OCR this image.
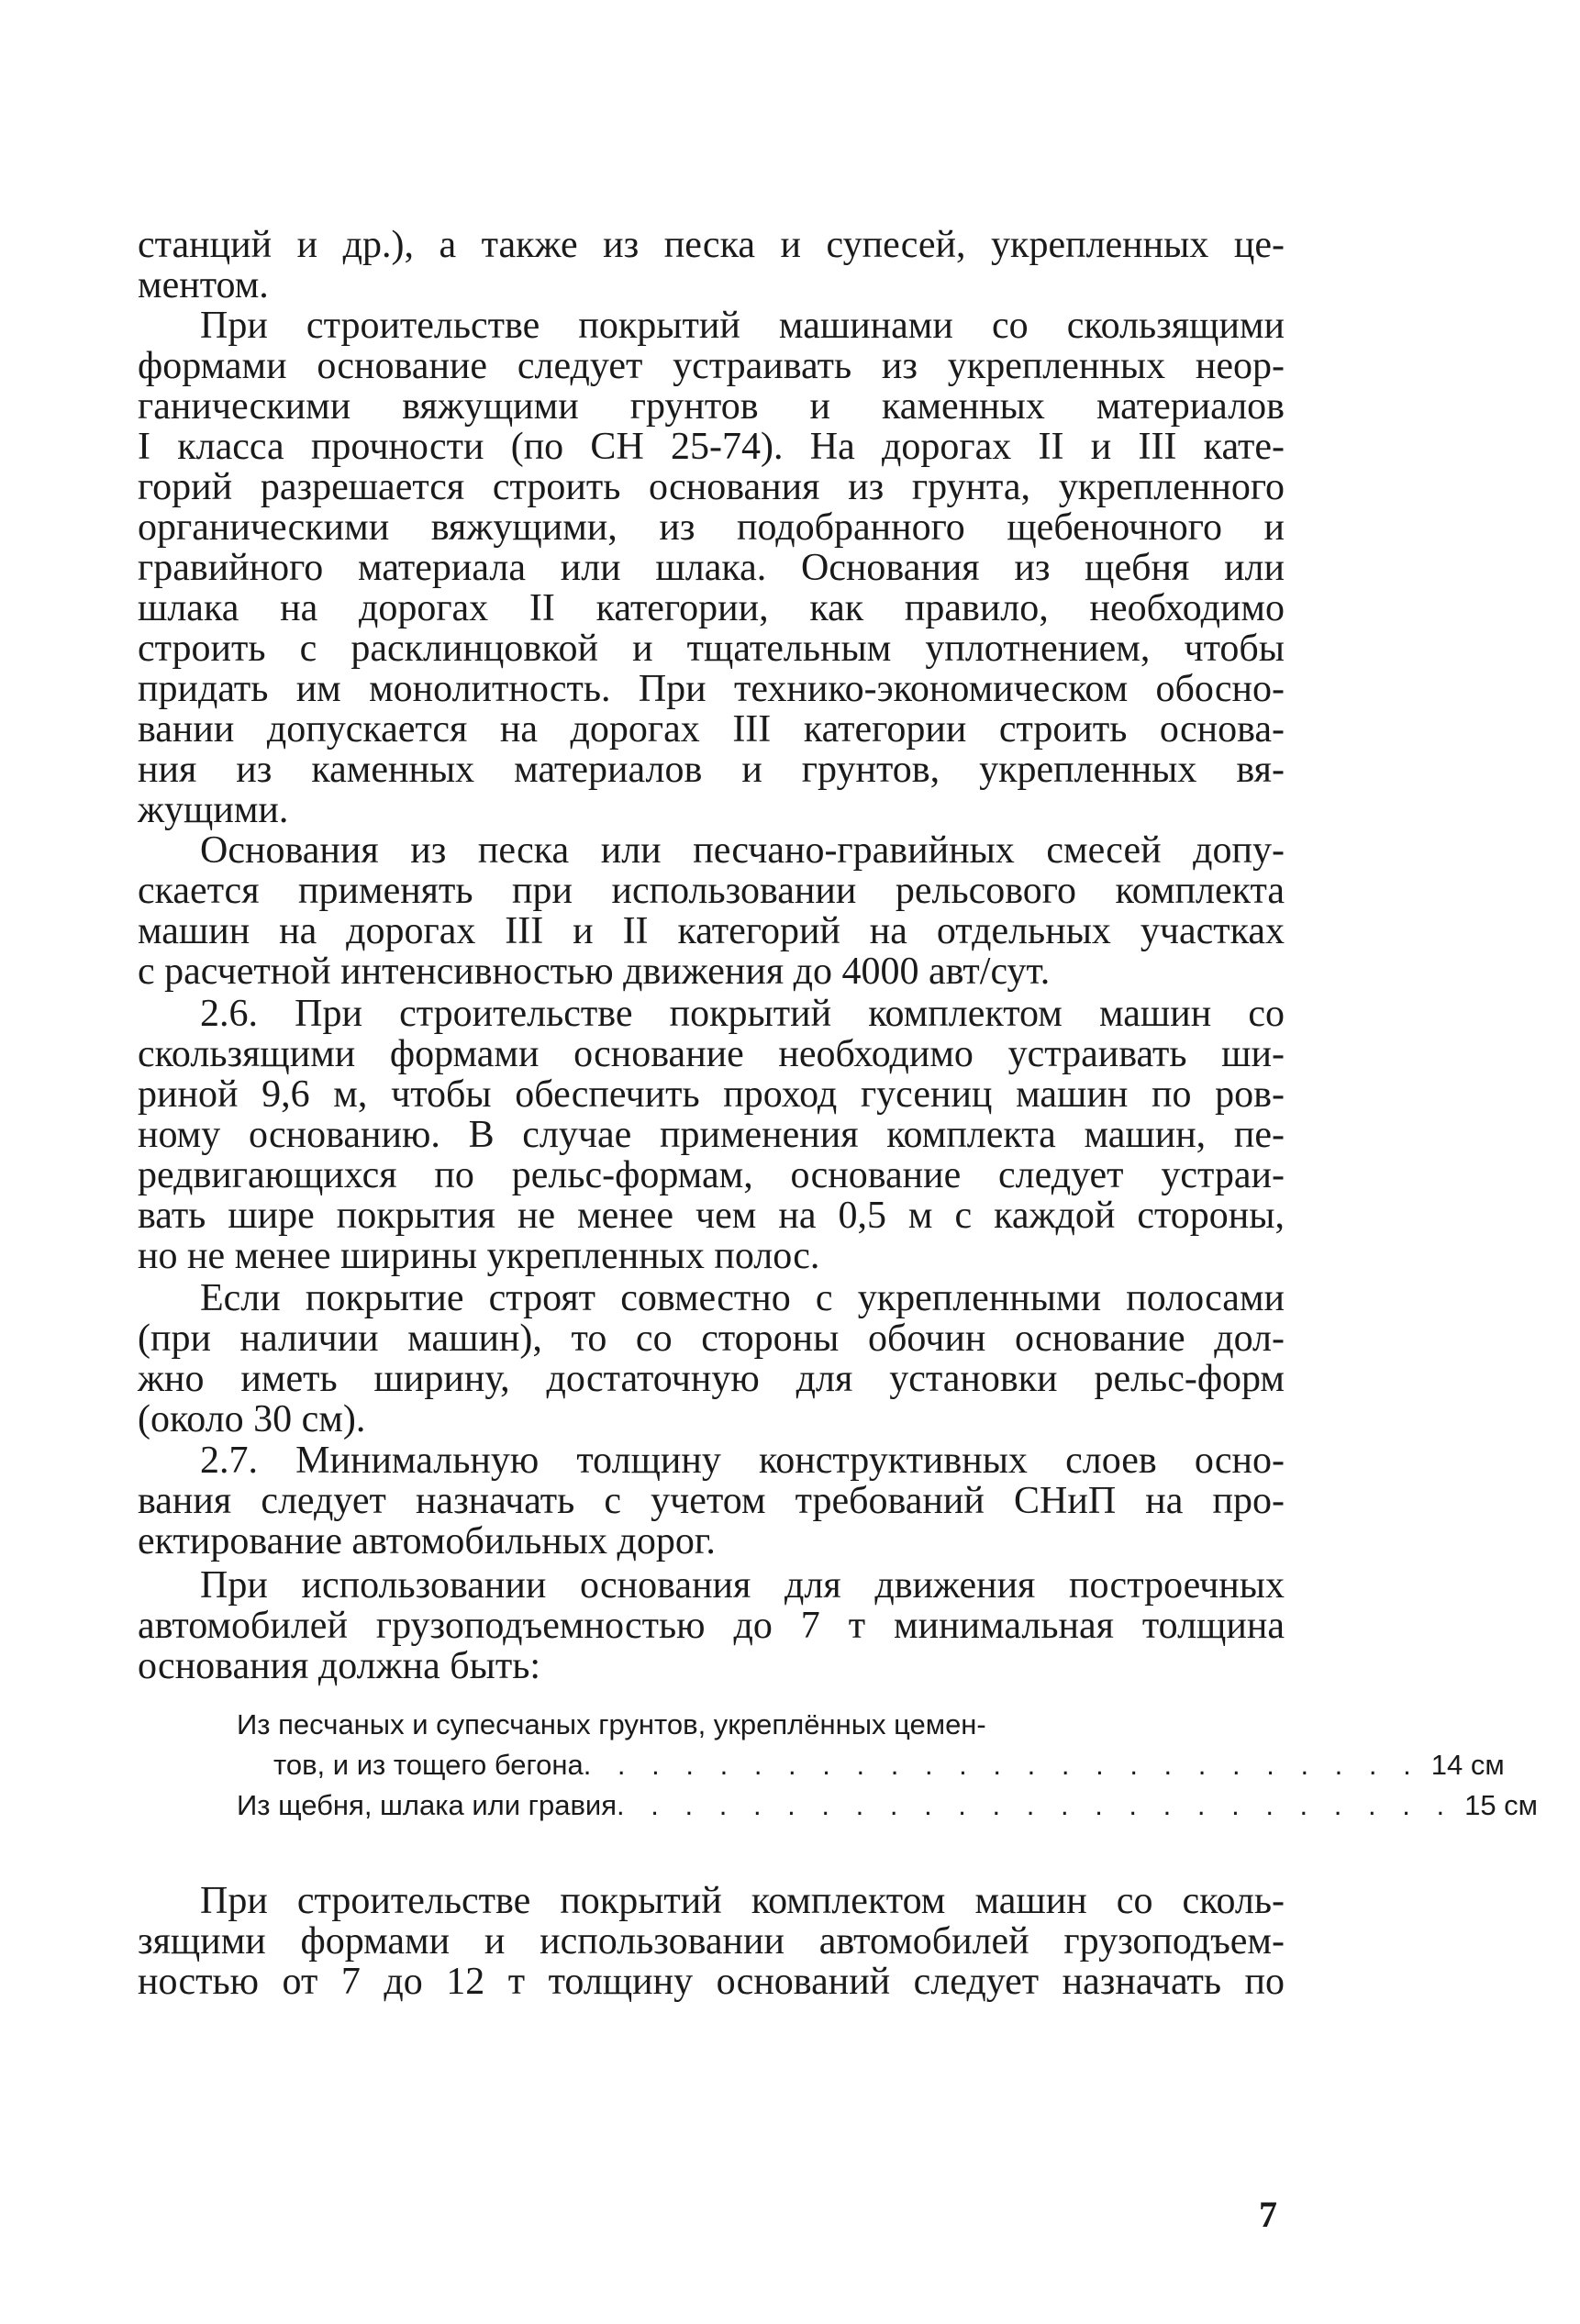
станций и др.), а также из песка и супесей, укрепленных це-
ментом.
При строительстве покрытий машинами со скользящими
формами основание следует устраивать из укрепленных неор-
ганическими вяжущими грунтов и каменных материалов
I класса прочности (по СН 25-74). На дорогах II и III кате-
горий разрешается строить основания из грунта, укрепленного
органическими вяжущими, из подобранного щебеночного и
гравийного материала или шлака. Основания из щебня или
шлака на дорогах II категории, как правило, необходимо
строить с расклинцовкой и тщательным уплотнением, чтобы
придать им монолитность. При технико-экономическом обосно-
вании допускается на дорогах III категории строить основа-
ния из каменных материалов и грунтов, укрепленных вя-
жущими.
Основания из песка или песчано-гравийных смесей допу-
скается применять при использовании рельсового комплекта
машин на дорогах III и II категорий на отдельных участках
с расчетной интенсивностью движения до 4000 авт/сут.
2.6. При строительстве покрытий комплектом машин со
скользящими формами основание необходимо устраивать ши-
риной 9,6 м, чтобы обеспечить проход гусениц машин по ров-
ному основанию. В случае применения комплекта машин, пе-
редвигающихся по рельс-формам, основание следует устраи-
вать шире покрытия не менее чем на 0,5 м с каждой стороны,
но не менее ширины укрепленных полос.
Если покрытие строят совместно с укрепленными полосами
(при наличии машин), то со стороны обочин основание дол-
жно иметь ширину, достаточную для установки рельс-форм
(около 30 см).
2.7. Минимальную толщину конструктивных слоев осно-
вания следует назначать с учетом требований СНиП на про-
ектирование автомобильных дорог.
При использовании основания для движения построечных
автомобилей грузоподъемностью до 7 т минимальная толщина
основания должна быть:
Из песчаных и супесчаных грунтов, укреплённых цемен-
тов, и из тощего бегона . . . . . . . . . . . . . . . . . . . . . . . . . 14 см
Из щебня, шлака или гравия . . . . . . . . . . . . . . . . . . . . . . . . . 15 см
При строительстве покрытий комплектом машин со сколь-
зящими формами и использовании автомобилей грузоподъем-
ностью от 7 до 12 т толщину оснований следует назначать по
7
